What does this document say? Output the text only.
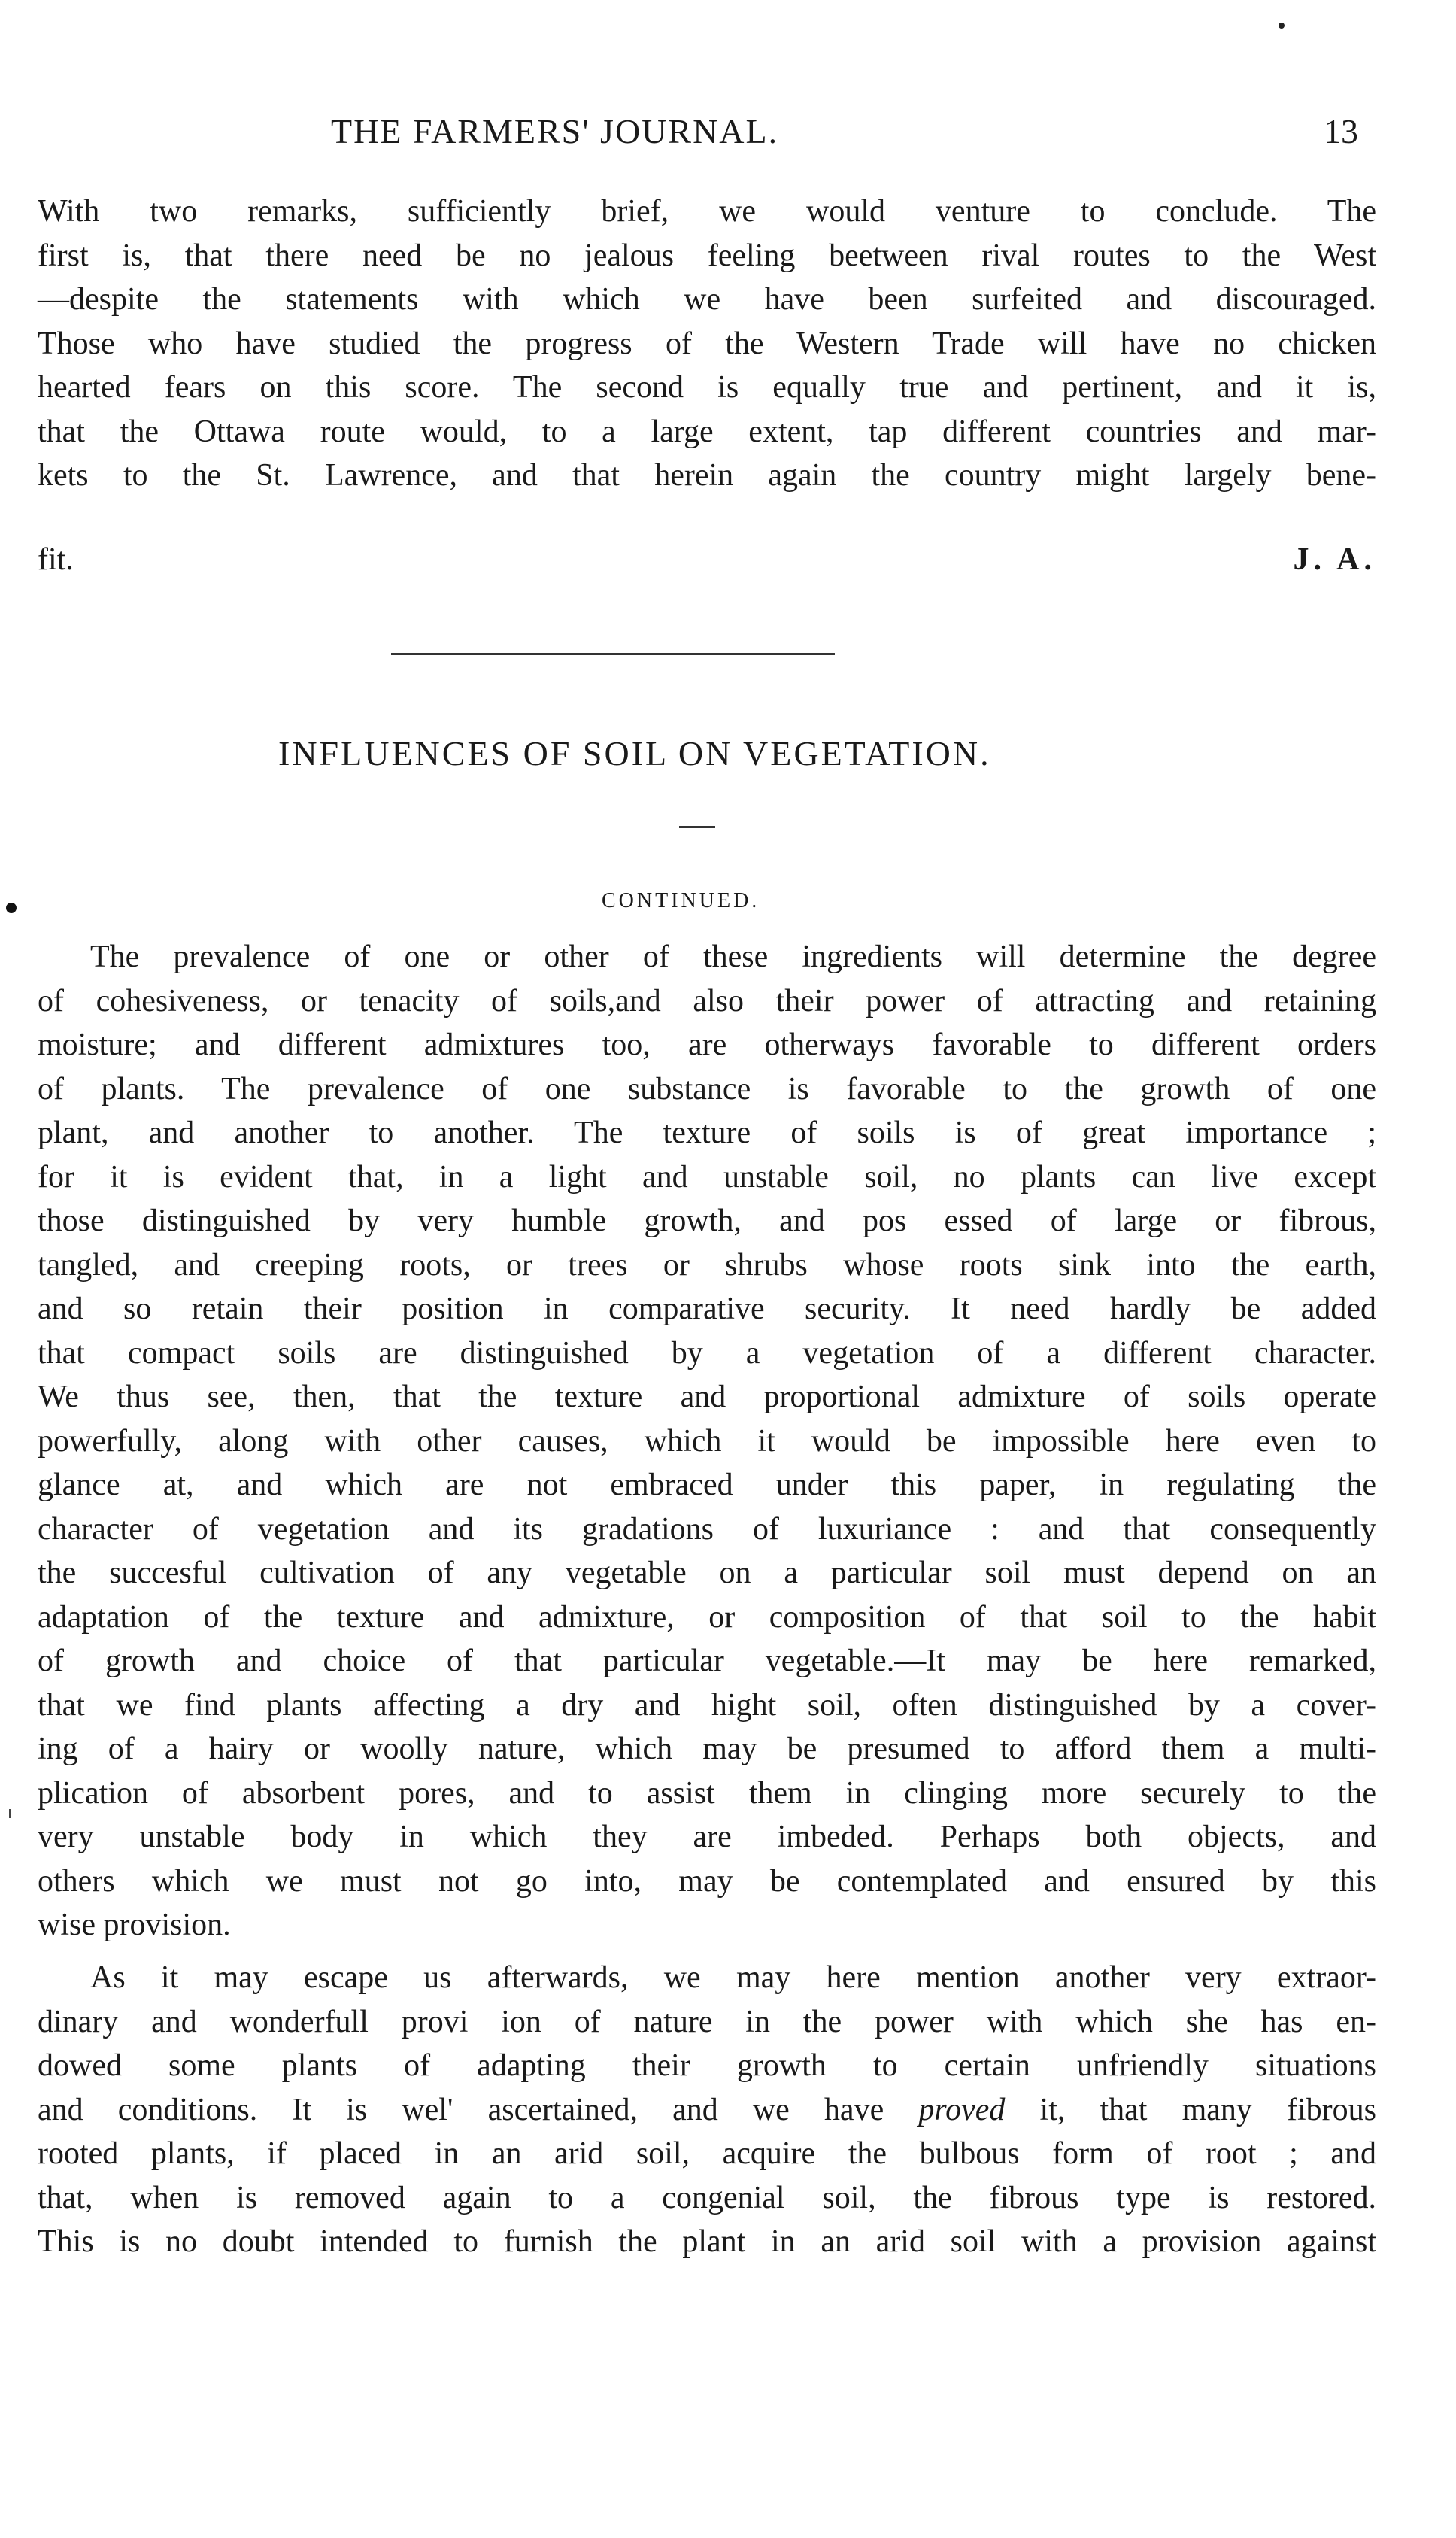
THE FARMERS' JOURNAL.	13
With two remarks, sufficiently brief, we would venture to conclude. The
first is, that there need be no jealous feeling beetween rival routes to the West
—despite the statements with which we have been surfeited and discouraged.
Those who have studied the progress of the Western Trade will have no chicken
hearted fears on this score. The second is equally true and pertinent, and it is,
that the Ottawa route would, to a large extent, tap different countries and mar-
kets to the St. Lawrence, and that herein again the country might largely bene-
fit.	J. A.
INFLUENCES OF SOIL ON VEGETATION.
CONTINUED.
The prevalence of one or other of these ingredients will determine the degree
of cohesiveness, or tenacity of soils,and also their power of attracting and retaining
moisture; and different admixtures too, are otherways favorable to different orders
of plants. The prevalence of one substance is favorable to the growth of one
plant, and another to another. The texture of soils is of great importance ;
for it is evident that, in a light and unstable soil, no plants can live except
those distinguished by very humble growth, and pos essed of large or fibrous,
tangled, and creeping roots, or trees or shrubs whose roots sink into the earth,
and so retain their position in comparative security. It need hardly be added
that compact soils are distinguished by a vegetation of a different character.
We thus see, then, that the texture and proportional admixture of soils operate
powerfully, along with other causes, which it would be impossible here even to
glance at, and which are not embraced under this paper, in regulating the
character of vegetation and its gradations of luxuriance : and that consequently
the succesful cultivation of any vegetable on a particular soil must depend on an
adaptation of the texture and admixture, or composition of that soil to the habit
of growth and choice of that particular vegetable.—It may be here remarked,
that we find plants affecting a dry and hight soil, often distinguished by a cover-
ing of a hairy or woolly nature, which may be presumed to afford them a multi-
plication of absorbent pores, and to assist them in clinging more securely to the
very unstable body in which they are imbeded. Perhaps both objects, and
others which we must not go into, may be contemplated and ensured by this
wise provision.
As it may escape us afterwards, we may here mention another very extraor-
dinary and wonderfull provi ion of nature in the power with which she has en-
dowed some plants of adapting their growth to certain unfriendly situations
and conditions. It is wel' ascertained, and we have proved it, that many fibrous
rooted plants, if placed in an arid soil, acquire the bulbous form of root ; and
that, when is removed again to a congenial soil, the fibrous type is restored.
This is no doubt intended to furnish the plant in an arid soil with a provision against
